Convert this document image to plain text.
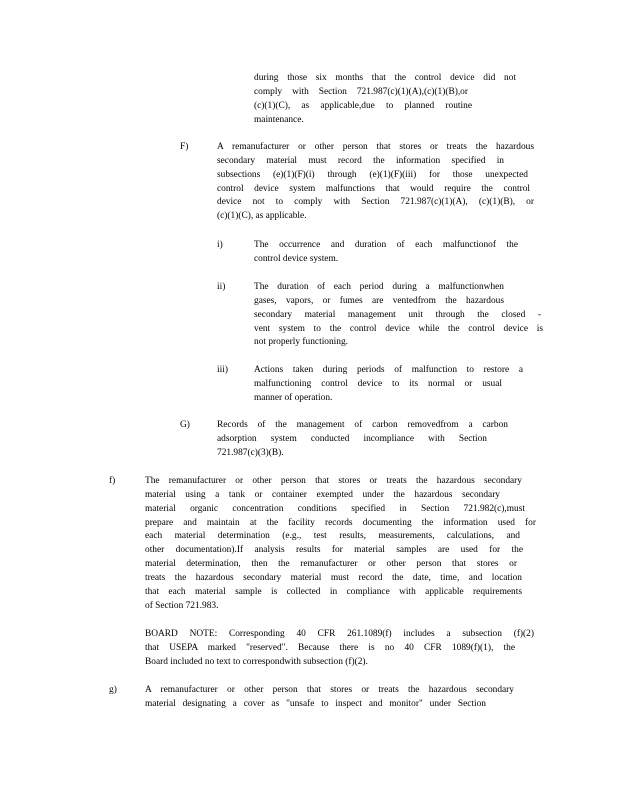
during those six months that the control device did not
comply with Section 721.987(c)(1)(A),(c)(1)(B),or
(c)(1)(C), as applicable,due to planned routine
maintenance.
F)	A remanufacturer or other person that stores or treats the hazardous
secondary material must record the information specified in
subsections (e)(1)(F)(i) through (e)(1)(F)(iii) for those unexpected
control device system malfunctions that would require the control
device not to comply with Section 721.987(c)(1)(A), (c)(1)(B), or
(c)(1)(C), as applicable.
i)	The occurrence and duration of each malfunctionof the
control device system.
ii)	The duration of each period during a malfunctionwhen
gases, vapors, or fumes are ventedfrom the hazardous
secondary material management unit through the closed -
vent system to the control device while the control device is
not properly functioning.
iii)	Actions taken during periods of malfunction to restore a
malfunctioning control device to its normal or usual
manner of operation.
G)	Records of the management of carbon removedfrom a carbon
adsorption system conducted incompliance with Section
721.987(c)(3)(B).
f)	The remanufacturer or other person that stores or treats the hazardous secondary
material using a tank or container exempted under the hazardous secondary
material organic concentration conditions specified in Section 721.982(c),must
prepare and maintain at the facility records documenting the information used for
each material determination (e.g., test results, measurements, calculations, and
other documentation).If analysis results for material samples are used for the
material determination, then the remanufacturer or other person that stores or
treats the hazardous secondary material must record the date, time, and location
that each material sample is collected in compliance with applicable requirements
of Section 721.983.
BOARD NOTE: Corresponding 40 CFR 261.1089(f) includes a subsection (f)(2)
that USEPA marked "reserved". Because there is no 40 CFR 1089(f)(1), the
Board included no text to correspondwith subsection (f)(2).
g)	A remanufacturer or other person that stores or treats the hazardous secondary
material designating a cover as "unsafe to inspect and monitor" under Section
